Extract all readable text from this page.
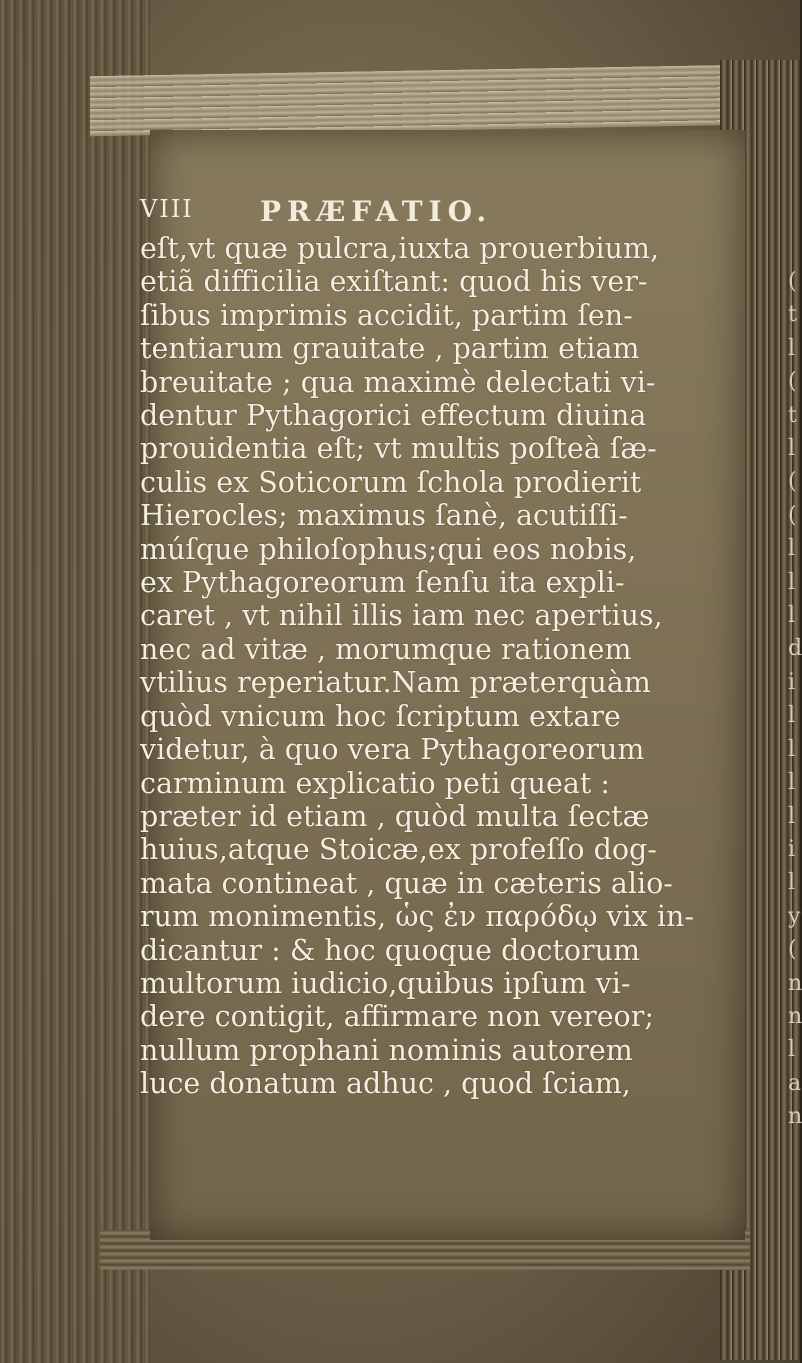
VIII PRÆFATIO.
eſt,vt quæ pulcra,iuxta prouerbium,
etiã difficilia exiſtant: quod his ver-
ſibus imprimis accidit, partim ſen-
tentiarum grauitate , partim etiam
breuitate ; qua maximè delectati vi-
dentur Pythagorici effectum diuina
prouidentia eſt; vt multis poſteà ſæ-
culis ex Soticorum ſchola prodierit
Hierocles; maximus ſanè, acutiſſi-
múſque philoſophus;qui eos nobis,
ex Pythagoreorum ſenſu ita expli-
caret , vt nihil illis iam nec apertius,
nec ad vitæ , morumque rationem
vtilius reperiatur.Nam præterquàm
quòd vnicum hoc ſcriptum extare
videtur, à quo vera Pythagoreorum
carminum explicatio peti queat :
præter id etiam , quòd multa ſectæ
huius,atque Stoicæ,ex profeſſo dog-
mata contineat , quæ in cæteris alio-
rum monimentis, ὡς ἐν παρόδῳ vix in-
dicantur : & hoc quoque doctorum
multorum iudicio,quibus ipſum vi-
dere contigit, affirmare non vereor;
nullum prophani nominis autorem
luce donatum adhuc , quod ſciam,
(
t
l
(
t
l
(
(
l
l
l
d
i
l
l
l
l
i
l
y
(
n
n
l
a
n
